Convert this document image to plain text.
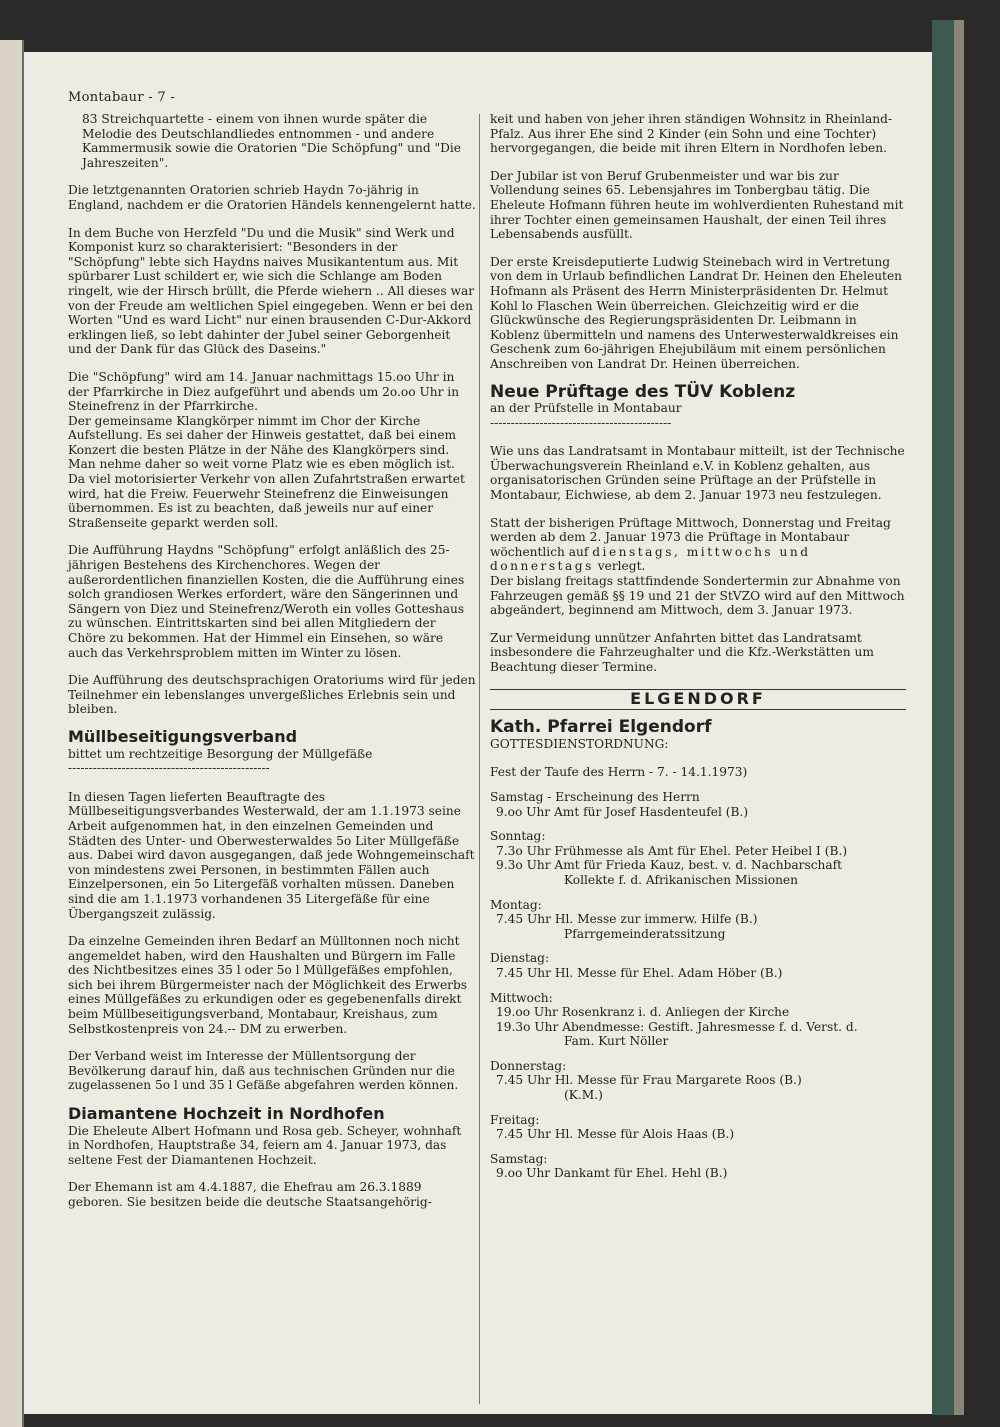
Montabaur - 7 -

83 Streichquartette - einem von ihnen wurde später die Melodie des Deutschlandliedes entnommen - und andere Kammermusik sowie die Oratorien "Die Schöpfung" und "Die Jahreszeiten".

Die letztgenannten Oratorien schrieb Haydn 7o-jährig in England, nachdem er die Oratorien Händels kennengelernt hatte.

In dem Buche von Herzfeld "Du und die Musik" sind Werk und Komponist kurz so charakterisiert: "Besonders in der "Schöpfung" lebte sich Haydns naives Musikantentum aus. Mit spürbarer Lust schildert er, wie sich die Schlange am Boden ringelt, wie der Hirsch brüllt, die Pferde wiehern .. All dieses war von der Freude am weltlichen Spiel eingegeben. Wenn er bei den Worten "Und es ward Licht" nur einen brausenden C-Dur-Akkord erklingen ließ, so lebt dahinter der Jubel seiner Geborgenheit und der Dank für das Glück des Daseins."

Die "Schöpfung" wird am 14. Januar nachmittags 15.oo Uhr in der Pfarrkirche in Diez aufgeführt und abends um 2o.oo Uhr in Steinefrenz in der Pfarrkirche.

Der gemeinsame Klangkörper nimmt im Chor der Kirche Aufstellung. Es sei daher der Hinweis gestattet, daß bei einem Konzert die besten Plätze in der Nähe des Klangkörpers sind. Man nehme daher so weit vorne Platz wie es eben möglich ist.

Da viel motorisierter Verkehr von allen Zufahrtstraßen erwartet wird, hat die Freiw. Feuerwehr Steinefrenz die Einweisungen übernommen. Es ist zu beachten, daß jeweils nur auf einer Straßenseite geparkt werden soll.

Die Aufführung Haydns "Schöpfung" erfolgt anläßlich des 25-jährigen Bestehens des Kirchenchores. Wegen der außerordentlichen finanziellen Kosten, die die Aufführung eines solch grandiosen Werkes erfordert, wäre den Sängerinnen und Sängern von Diez und Steinefrenz/Weroth ein volles Gotteshaus zu wünschen. Eintrittskarten sind bei allen Mitgliedern der Chöre zu bekommen. Hat der Himmel ein Einsehen, so wäre auch das Verkehrsproblem mitten im Winter zu lösen.

Die Aufführung des deutschsprachigen Oratoriums wird für jeden Teilnehmer ein lebenslanges unvergeßliches Erlebnis sein und bleiben.

Müllbeseitigungsverband
bittet um rechtzeitige Besorgung der Müllgefäße
-------------------------------------------------

In diesen Tagen lieferten Beauftragte des Müllbeseitigungsverbandes Westerwald, der am 1.1.1973 seine Arbeit aufgenommen hat, in den einzelnen Gemeinden und Städten des Unter- und Oberwesterwaldes 5o Liter Müllgefäße aus. Dabei wird davon ausgegangen, daß jede Wohngemeinschaft von mindestens zwei Personen, in bestimmten Fällen auch Einzelpersonen, ein 5o Litergefäß vorhalten müssen. Daneben sind die am 1.1.1973 vorhandenen 35 Litergefäße für eine Übergangszeit zulässig.

Da einzelne Gemeinden ihren Bedarf an Mülltonnen noch nicht angemeldet haben, wird den Haushalten und Bürgern im Falle des Nichtbesitzes eines 35 l oder 5o l Müllgefäßes empfohlen, sich bei ihrem Bürgermeister nach der Möglichkeit des Erwerbs eines Müllgefäßes zu erkundigen oder es gegebenenfalls direkt beim Müllbeseitigungsverband, Montabaur, Kreishaus, zum Selbstkostenpreis von 24.-- DM zu erwerben.

Der Verband weist im Interesse der Müllentsorgung der Bevölkerung darauf hin, daß aus technischen Gründen nur die zugelassenen 5o l und 35 l Gefäße abgefahren werden können.

Diamantene Hochzeit in Nordhofen

Die Eheleute Albert Hofmann und Rosa geb. Scheyer, wohnhaft in Nordhofen, Hauptstraße 34, feiern am 4. Januar 1973, das seltene Fest der Diamantenen Hochzeit.

Der Ehemann ist am 4.4.1887, die Ehefrau am 26.3.1889 geboren. Sie besitzen beide die deutsche Staatsangehörig-

keit und haben von jeher ihren ständigen Wohnsitz in Rheinland-Pfalz. Aus ihrer Ehe sind 2 Kinder (ein Sohn und eine Tochter) hervorgegangen, die beide mit ihren Eltern in Nordhofen leben.

Der Jubilar ist von Beruf Grubenmeister und war bis zur Vollendung seines 65. Lebensjahres im Tonbergbau tätig. Die Eheleute Hofmann führen heute im wohlverdienten Ruhestand mit ihrer Tochter einen gemeinsamen Haushalt, der einen Teil ihres Lebensabends ausfüllt.

Der erste Kreisdeputierte Ludwig Steinebach wird in Vertretung von dem in Urlaub befindlichen Landrat Dr. Heinen den Eheleuten Hofmann als Präsent des Herrn Ministerpräsidenten Dr. Helmut Kohl lo Flaschen Wein überreichen. Gleichzeitig wird er die Glückwünsche des Regierungspräsidenten Dr. Leibmann in Koblenz übermitteln und namens des Unterwesterwaldkreises ein Geschenk zum 6o-jährigen Ehejubiläum mit einem persönlichen Anschreiben von Landrat Dr. Heinen überreichen.

Neue Prüftage des TÜV Koblenz
an der Prüfstelle in Montabaur
--------------------------------------------

Wie uns das Landratsamt in Montabaur mitteilt, ist der Technische Überwachungsverein Rheinland e.V. in Koblenz gehalten, aus organisatorischen Gründen seine Prüftage an der Prüfstelle in Montabaur, Eichwiese, ab dem 2. Januar 1973 neu festzulegen.

Statt der bisherigen Prüftage Mittwoch, Donnerstag und Freitag werden ab dem 2. Januar 1973 die Prüftage in Montabaur wöchentlich auf dienstags, mittwochs und donnerstags verlegt.

Der bislang freitags stattfindende Sondertermin zur Abnahme von Fahrzeugen gemäß §§ 19 und 21 der StVZO wird auf den Mittwoch abgeändert, beginnend am Mittwoch, dem 3. Januar 1973.

Zur Vermeidung unnützer Anfahrten bittet das Landratsamt insbesondere die Fahrzeughalter und die Kfz.-Werkstätten um Beachtung dieser Termine.

ELGENDORF
Kath. Pfarrei Elgendorf
GOTTESDIENSTORDNUNG:
Fest der Taufe des Herrn - 7. - 14.1.1973)
Samstag - Erscheinung des Herrn
9.oo Uhr Amt für Josef Hasdenteufel (B.)
Sonntag:
7.3o Uhr Frühmesse als Amt für Ehel. Peter Heibel I (B.)
9.3o Uhr Amt für Frieda Kauz, best. v. d. Nachbarschaft
Kollekte f. d. Afrikanischen Missionen
Montag:
7.45 Uhr Hl. Messe zur immerw. Hilfe (B.)
Pfarrgemeinderatssitzung
Dienstag:
7.45 Uhr Hl. Messe für Ehel. Adam Höber (B.)
Mittwoch:
19.oo Uhr Rosenkranz i. d. Anliegen der Kirche
19.3o Uhr Abendmesse: Gestift. Jahresmesse f. d. Verst. d.
Fam. Kurt Nöller
Donnerstag:
7.45 Uhr Hl. Messe für Frau Margarete Roos (B.)
(K.M.)
Freitag:
7.45 Uhr Hl. Messe für Alois Haas (B.)
Samstag:
9.oo Uhr Dankamt für Ehel. Hehl (B.)
